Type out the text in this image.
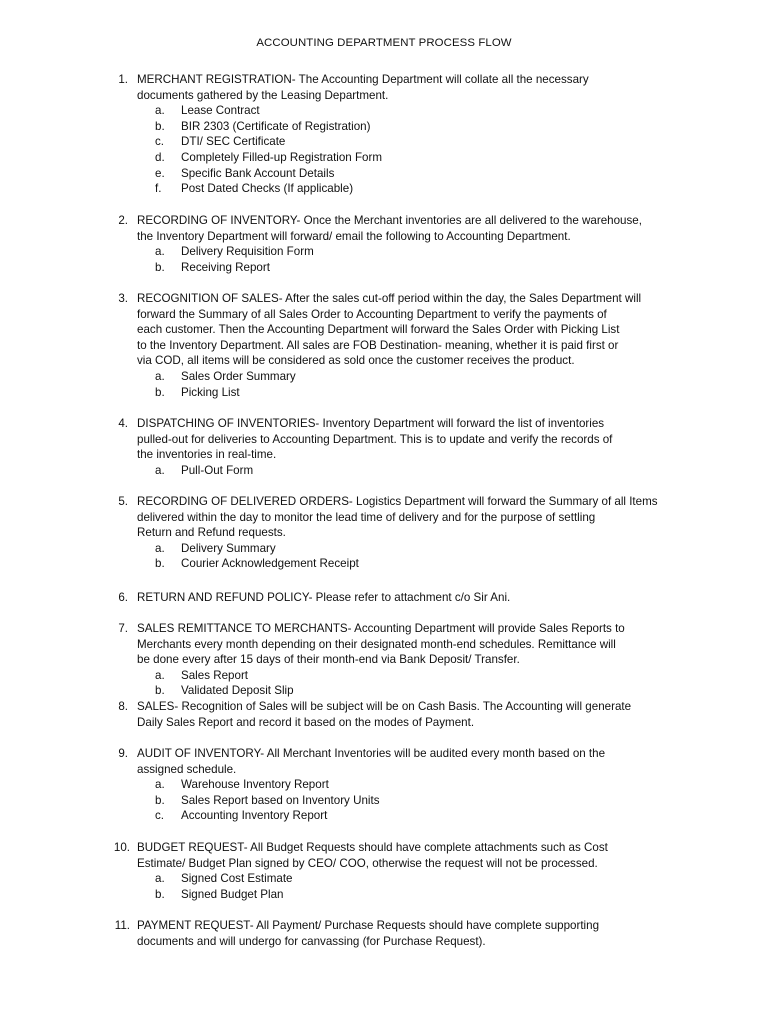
ACCOUNTING DEPARTMENT PROCESS FLOW
1. MERCHANT REGISTRATION- The Accounting Department will collate all the necessary
documents gathered by the Leasing Department.
a. Lease Contract
b. BIR 2303 (Certificate of Registration)
c. DTI/ SEC Certificate
d. Completely Filled-up Registration Form
e. Specific Bank Account Details
f. Post Dated Checks (If applicable)
2. RECORDING OF INVENTORY- Once the Merchant inventories are all delivered to the warehouse,
the Inventory Department will forward/ email the following to Accounting Department.
a. Delivery Requisition Form
b. Receiving Report
3. RECOGNITION OF SALES- After the sales cut-off period within the day, the Sales Department will
forward the Summary of all Sales Order to Accounting Department to verify the payments of
each customer. Then the Accounting Department will forward the Sales Order with Picking List
to the Inventory Department. All sales are FOB Destination- meaning, whether it is paid first or
via COD, all items will be considered as sold once the customer receives the product.
a. Sales Order Summary
b. Picking List
4. DISPATCHING OF INVENTORIES- Inventory Department will forward the list of inventories
pulled-out for deliveries to Accounting Department. This is to update and verify the records of
the inventories in real-time.
a. Pull-Out Form
5. RECORDING OF DELIVERED ORDERS- Logistics Department will forward the Summary of all Items
delivered within the day to monitor the lead time of delivery and for the purpose of settling
Return and Refund requests.
a. Delivery Summary
b. Courier Acknowledgement Receipt
6. RETURN AND REFUND POLICY- Please refer to attachment c/o Sir Ani.
7. SALES REMITTANCE TO MERCHANTS- Accounting Department will provide Sales Reports to
Merchants every month depending on their designated month-end schedules. Remittance will
be done every after 15 days of their month-end via Bank Deposit/ Transfer.
a. Sales Report
b. Validated Deposit Slip
8. SALES- Recognition of Sales will be subject will be on Cash Basis. The Accounting will generate
Daily Sales Report and record it based on the modes of Payment.
9. AUDIT OF INVENTORY- All Merchant Inventories will be audited every month based on the
assigned schedule.
a. Warehouse Inventory Report
b. Sales Report based on Inventory Units
c. Accounting Inventory Report
10. BUDGET REQUEST- All Budget Requests should have complete attachments such as Cost
Estimate/ Budget Plan signed by CEO/ COO, otherwise the request will not be processed.
a. Signed Cost Estimate
b. Signed Budget Plan
11. PAYMENT REQUEST- All Payment/ Purchase Requests should have complete supporting
documents and will undergo for canvassing (for Purchase Request).
